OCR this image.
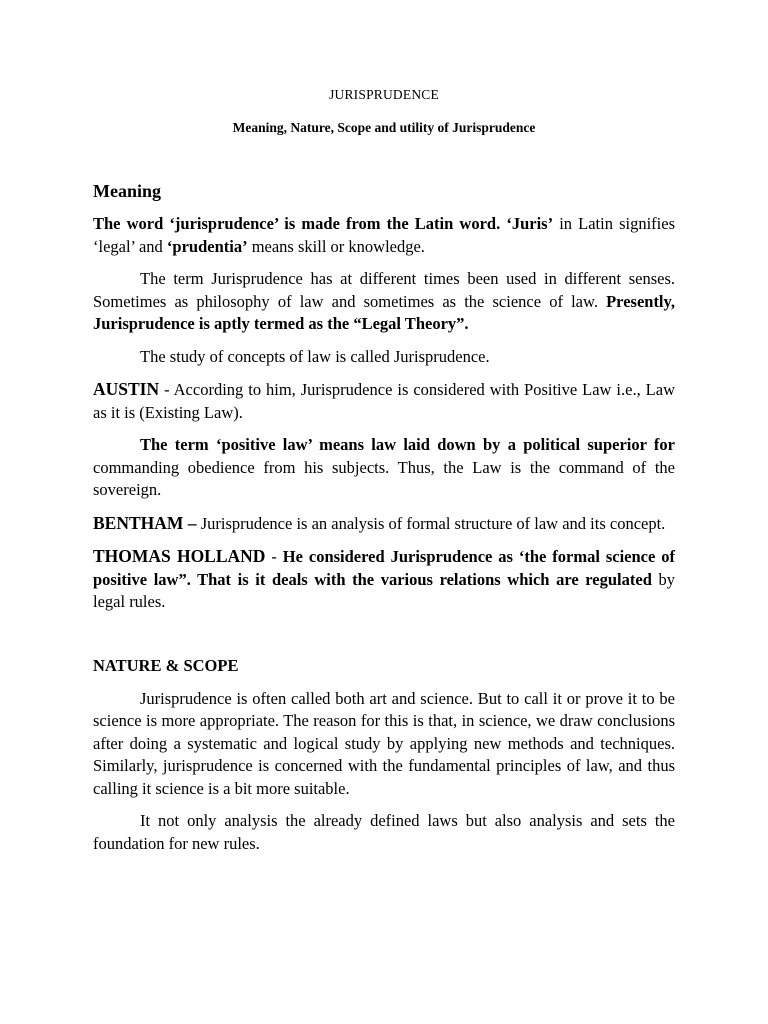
JURISPRUDENCE
Meaning, Nature, Scope and utility of Jurisprudence
Meaning

The word ‘jurisprudence’ is made from the Latin word. ‘Juris’ in Latin signifies ‘legal’ and ‘prudentia’ means skill or knowledge.

The term Jurisprudence has at different times been used in different senses. Sometimes as philosophy of law and sometimes as the science of law. Presently, Jurisprudence is aptly termed as the “Legal Theory”.

The study of concepts of law is called Jurisprudence.

AUSTIN - According to him, Jurisprudence is considered with Positive Law i.e., Law as it is (Existing Law).

The term ‘positive law’ means law laid down by a political superior for commanding obedience from his subjects. Thus, the Law is the command of the sovereign.

BENTHAM – Jurisprudence is an analysis of formal structure of law and its concept.

THOMAS HOLLAND - He considered Jurisprudence as ‘the formal science of positive law”. That is it deals with the various relations which are regulated by legal rules.

NATURE & SCOPE

Jurisprudence is often called both art and science. But to call it or prove it to be science is more appropriate. The reason for this is that, in science, we draw conclusions after doing a systematic and logical study by applying new methods and techniques. Similarly, jurisprudence is concerned with the fundamental principles of law, and thus calling it science is a bit more suitable.

It not only analysis the already defined laws but also analysis and sets the foundation for new rules.
